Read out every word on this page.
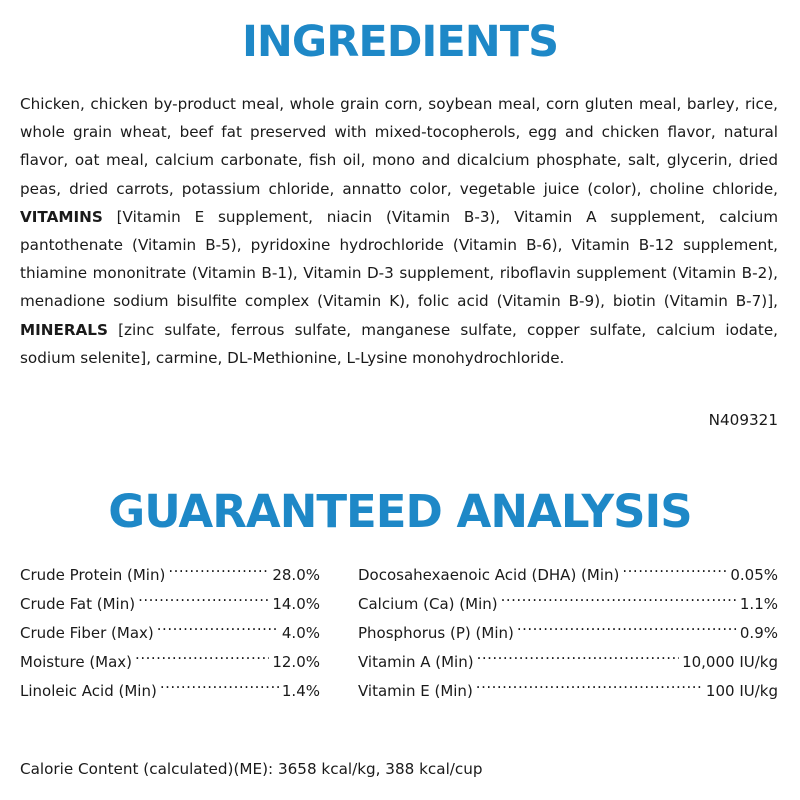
INGREDIENTS

Chicken, chicken by-product meal, whole grain corn, soybean meal, corn gluten meal, barley, rice, whole grain wheat, beef fat preserved with mixed-tocopherols, egg and chicken flavor, natural flavor, oat meal, calcium carbonate, fish oil, mono and dicalcium phosphate, salt, glycerin, dried peas, dried carrots, potassium chloride, annatto color, vegetable juice (color), choline chloride, VITAMINS [Vitamin E supplement, niacin (Vitamin B-3), Vitamin A supplement, calcium pantothenate (Vitamin B-5), pyridoxine hydrochloride (Vitamin B-6), Vitamin B-12 supplement, thiamine mononitrate (Vitamin B-1), Vitamin D-3 supplement, riboflavin supplement (Vitamin B-2), menadione sodium bisulfite complex (Vitamin K), folic acid (Vitamin B-9), biotin (Vitamin B-7)], MINERALS [zinc sulfate, ferrous sulfate, manganese sulfate, copper sulfate, calcium iodate, sodium selenite], carmine, DL-Methionine, L-Lysine monohydrochloride.

N409321
GUARANTEED ANALYSIS
Crude Protein (Min) .....	28.0%
Crude Fat (Min) .....	14.0%
Crude Fiber (Max) .....	4.0%
Moisture (Max) .....	12.0%
Linoleic Acid (Min) .....	1.4%
Docosahexaenoic Acid (DHA) (Min) .....	0.05%
Calcium (Ca) (Min) .....	1.1%
Phosphorus (P) (Min) .....	0.9%
Vitamin A (Min) .....	10,000 IU/kg
Vitamin E (Min) .....	100 IU/kg

Calorie Content (calculated)(ME): 3658 kcal/kg, 388 kcal/cup
